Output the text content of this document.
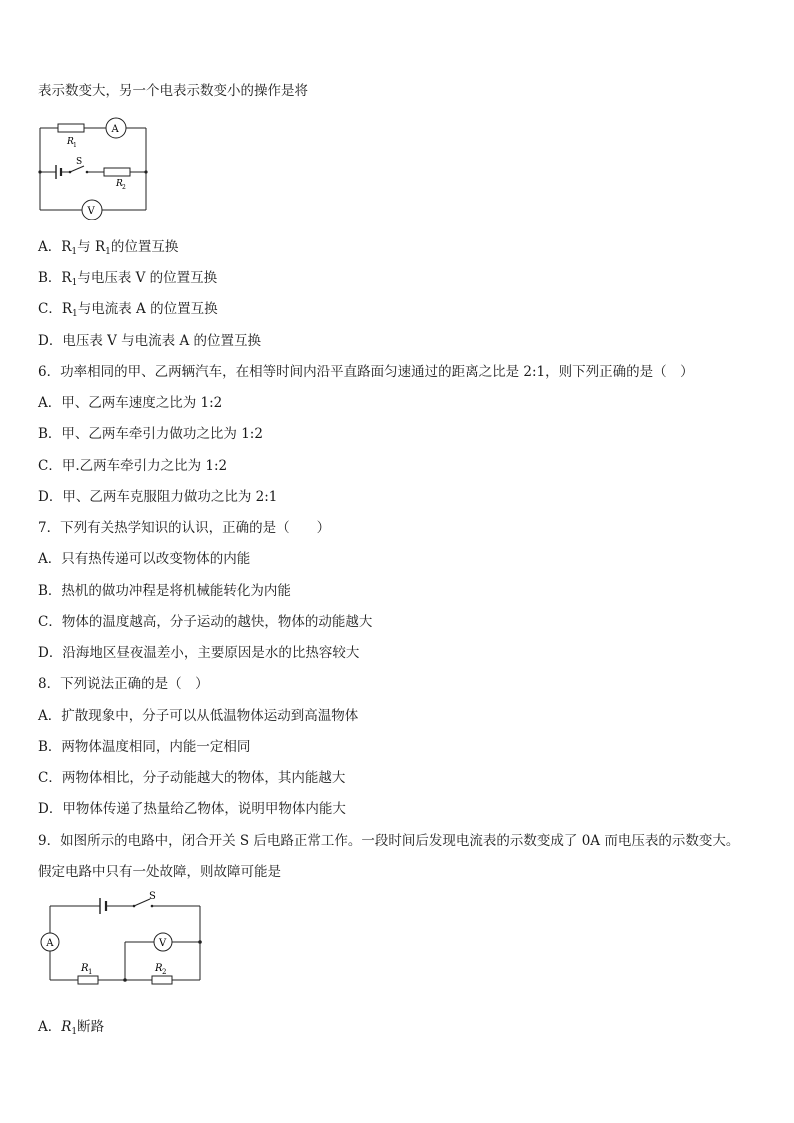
表示数变大，另一个电表示数变小的操作是将
A
V
R 1
S
R 2
A．$R_1$与 $R_1$的位置互换
B．$R_1$与电压表 V 的位置互换
C．$R_1$与电流表 A 的位置互换
D．电压表 V 与电流表 A 的位置互换
6．功率相同的甲、乙两辆汽车，在相等时间内沿平直路面匀速通过的距离之比是 2:1，则下列正确的是（　）
A．甲、乙两车速度之比为 1:2
B．甲、乙两车牵引力做功之比为 1:2
C．甲.乙两车牵引力之比为 1:2
D．甲、乙两车克服阻力做功之比为 2:1
7．下列有关热学知识的认识，正确的是（　　）
A．只有热传递可以改变物体的内能
B．热机的做功冲程是将机械能转化为内能
C．物体的温度越高，分子运动的越快，物体的动能越大
D．沿海地区昼夜温差小，主要原因是水的比热容较大
8．下列说法正确的是（　）
A．扩散现象中，分子可以从低温物体运动到高温物体
B．两物体温度相同，内能一定相同
C．两物体相比，分子动能越大的物体，其内能越大
D．甲物体传递了热量给乙物体，说明甲物体内能大
9．如图所示的电路中，闭合开关 S 后电路正常工作。一段时间后发现电流表的示数变成了 0A 而电压表的示数变大。
假定电路中只有一处故障，则故障可能是
S
A	V
R 1	R 2
A．$R_1$断路
